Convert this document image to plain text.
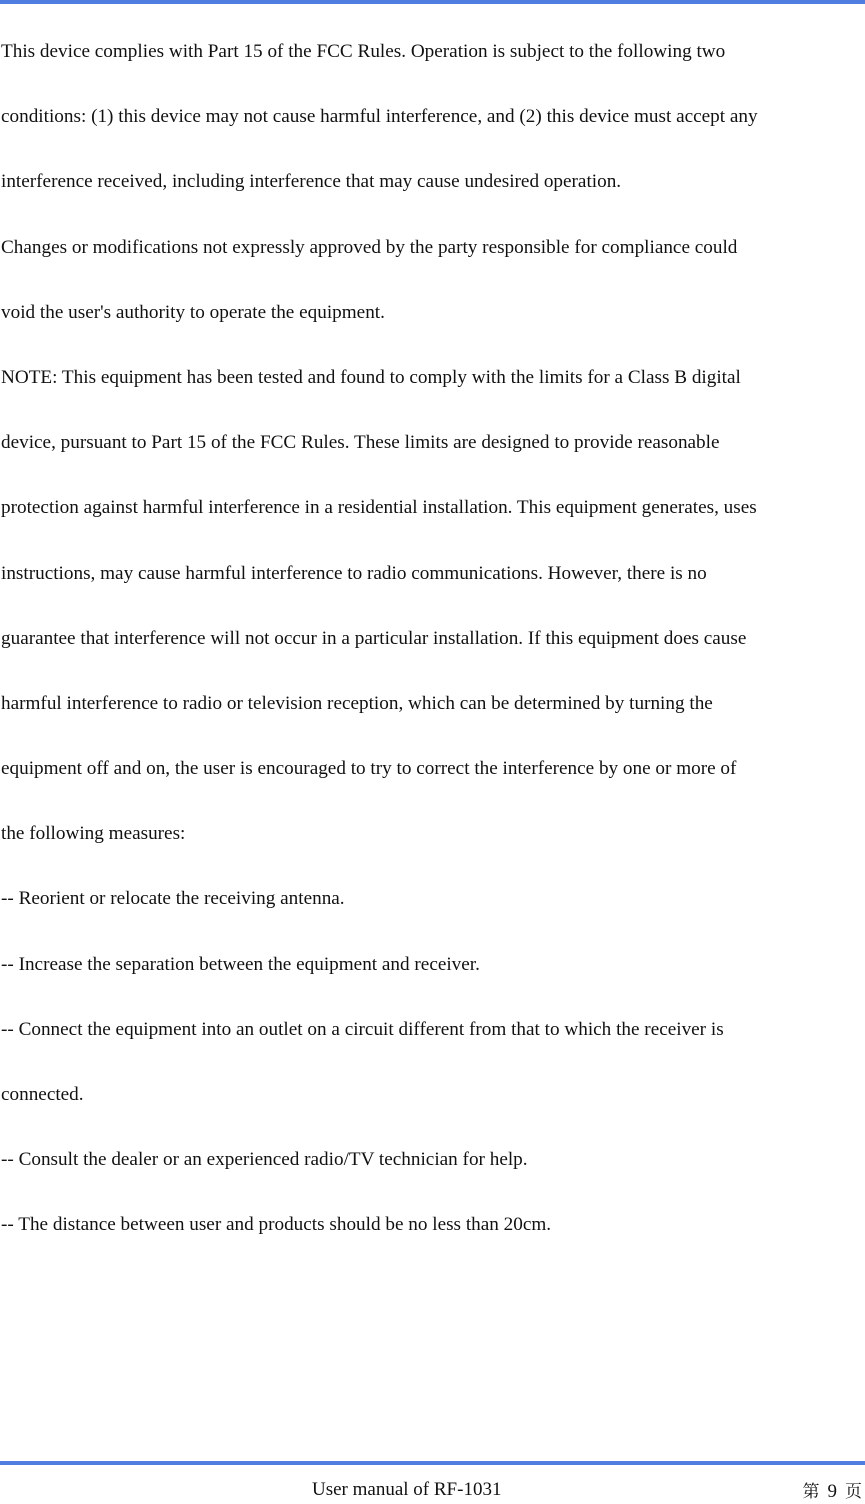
This device complies with Part 15 of the FCC Rules. Operation is subject to the following two
conditions: (1) this device may not cause harmful interference, and (2) this device must accept any
interference received, including interference that may cause undesired operation.
Changes or modifications not expressly approved by the party responsible for compliance could
void the user's authority to operate the equipment.
NOTE: This equipment has been tested and found to comply with the limits for a Class B digital
device, pursuant to Part 15 of the FCC Rules. These limits are designed to provide reasonable
protection against harmful interference in a residential installation. This equipment generates, uses
instructions, may cause harmful interference to radio communications. However, there is no
guarantee that interference will not occur in a particular installation. If this equipment does cause
harmful interference to radio or television reception, which can be determined by turning the
equipment off and on, the user is encouraged to try to correct the interference by one or more of
the following measures:
-- Reorient or relocate the receiving antenna.
-- Increase the separation between the equipment and receiver.
-- Connect the equipment into an outlet on a circuit different from that to which the receiver is
connected.
-- Consult the dealer or an experienced radio/TV technician for help.
-- The distance between user and products should be no less than 20cm.
User manual of RF-1031	第 9 页
